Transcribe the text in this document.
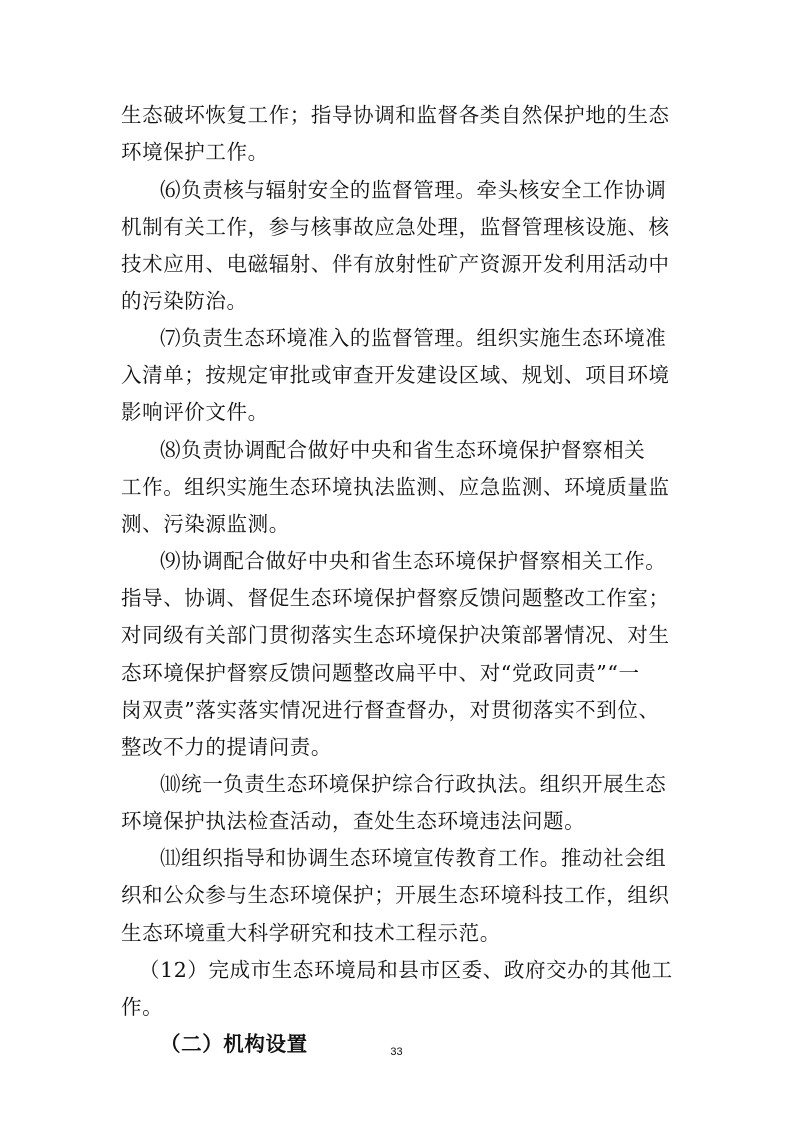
生态破坏恢复工作；指导协调和监督各类自然保护地的生态
环境保护工作。
⑹负责核与辐射安全的监督管理。牵头核安全工作协调
机制有关工作，参与核事故应急处理，监督管理核设施、核
技术应用、电磁辐射、伴有放射性矿产资源开发利用活动中
的污染防治。
⑺负责生态环境准入的监督管理。组织实施生态环境准
入清单；按规定审批或审查开发建设区域、规划、项目环境
影响评价文件。
⑻负责协调配合做好中央和省生态环境保护督察相关
工作。组织实施生态环境执法监测、应急监测、环境质量监
测、污染源监测。
⑼协调配合做好中央和省生态环境保护督察相关工作。
指导、协调、督促生态环境保护督察反馈问题整改工作室；
对同级有关部门贯彻落实生态环境保护决策部署情况、对生
态环境保护督察反馈问题整改扁平中、对“党政同责”“一
岗双责”落实落实情况进行督查督办，对贯彻落实不到位、
整改不力的提请问责。
⑽统一负责生态环境保护综合行政执法。组织开展生态
环境保护执法检查活动，查处生态环境违法问题。
⑾组织指导和协调生态环境宣传教育工作。推动社会组
织和公众参与生态环境保护；开展生态环境科技工作，组织
生态环境重大科学研究和技术工程示范。
（12）完成市生态环境局和县市区委、政府交办的其他工
作。
（二）机构设置	33
